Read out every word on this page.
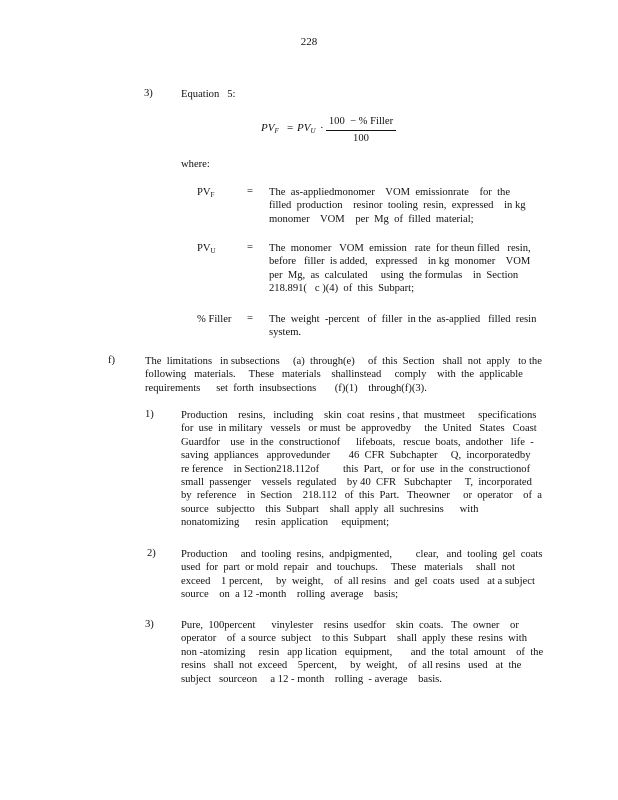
228
3)	Equation   5:
$PV_F = PV_U$ ·
100  − % Filler
100
where:
$PV_F$	= The  as-appliedmonomer    VOM  emissionrate    for  the
filled  production    resinor  tooling  resin,  expressed    in kg
monomer    VOM    per  Mg  of  filled  material;
$PV_U$	= The  monomer   VOM  emission   rate  for theun filled   resin,
before   filler  is added,   expressed    in kg  monomer    VOM
per  Mg,  as  calculated     using  the formulas    in  Section
218.891(   c )(4)  of  this  Subpart;
% Filler = The  weight  -percent   of  filler  in the  as-applied   filled  resin
system.
f)	The  limitations   in subsections     (a)  through(e)     of  this  Section   shall  not  apply   to the
following   materials.     These   materials    shallinstead     comply    with  the  applicable
requirements      set  forth  insubsections       (f)(1)    through(f)(3).
1)	Production    resins,   including    skin  coat  resins , that  mustmeet     specifications
for  use  in military   vessels   or must  be  approvedby     the  United   States   Coast
Guardfor    use  in the  constructionof      lifeboats,   rescue  boats,  andother   life  -
saving  appliances   approvedunder       46  CFR  Subchapter     Q,  incorporatedby
re ference    in Section218.112of         this  Part,   or for  use  in the  constructionof
small  passenger    vessels  regulated    by 40  CFR   Subchapter     T,  incorporated
by  reference    in  Section    218.112   of  this  Part.   Theowner     or  operator    of  a
source   subjectto    this  Subpart    shall  apply  all  suchresins      with
nonatomizing      resin  application     equipment;
2) Production     and  tooling  resins,  andpigmented,         clear,   and  tooling  gel  coats
used  for  part  or mold  repair   and  touchups.     These   materials     shall  not
exceed    1 percent,     by  weight,    of  all resins   and  gel  coats  used   at a subject
source    on  a 12 -month    rolling  average    basis;
3)	Pure,  100percent      vinylester    resins  usedfor    skin  coats.   The  owner    or
operator    of  a source  subject    to this  Subpart    shall  apply  these  resins  with
non -atomizing     resin   app lication   equipment,       and  the  total  amount    of  the
resins   shall  not  exceed    5percent,     by  weight,    of  all resins   used   at  the
subject   sourceon     a 12 - month    rolling  - average    basis.
